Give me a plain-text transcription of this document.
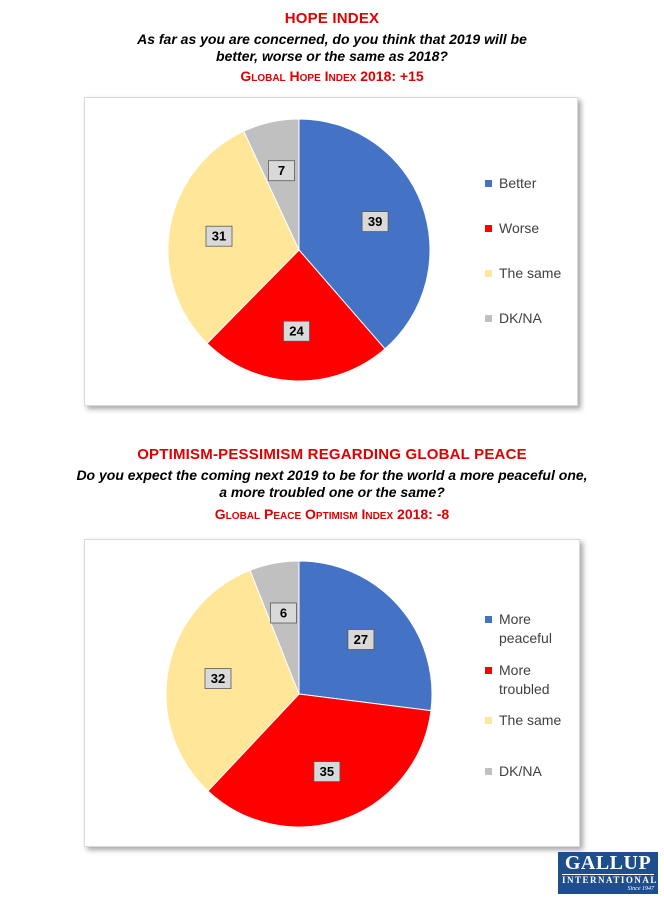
HOPE INDEX
As far as you are concerned, do you think that 2019 will be
better, worse or the same as 2018?
Global Hope Index 2018: +15
39
24
31
7
Better
Worse
The same
DK/NA
OPTIMISM-PESSIMISM REGARDING GLOBAL PEACE
Do you expect the coming next 2019 to be for the world a more peaceful one,
a more troubled one or the same?
Global Peace Optimism Index 2018: -8
27
35
32
6	More peaceful
More troubled
The same
DK/NA
GALLUP
INTERNATIONAL
Since 1947
